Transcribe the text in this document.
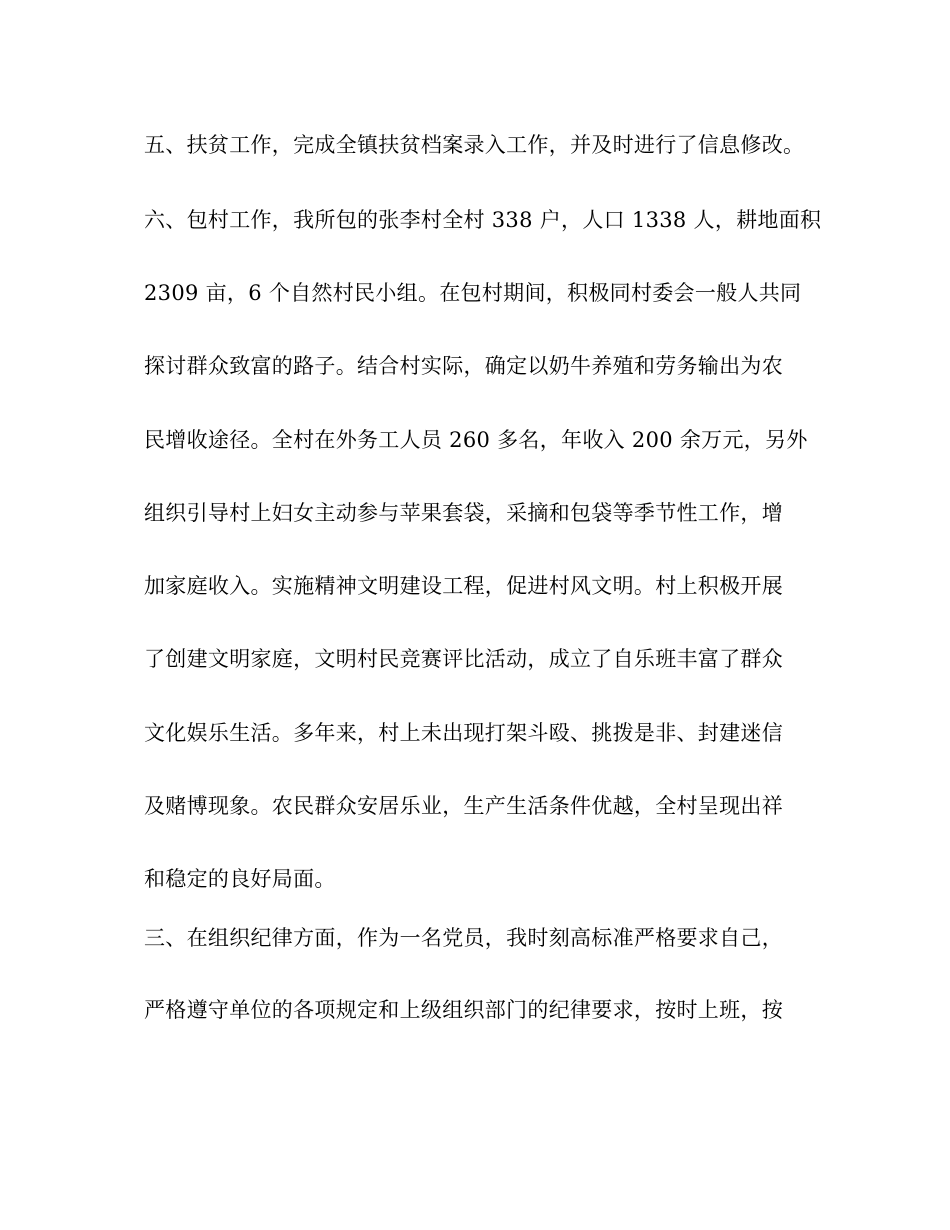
五、扶贫工作，完成全镇扶贫档案录入工作，并及时进行了信息修改。
六、包村工作，我所包的张李村全村 338 户，人口 1338 人，耕地面积
2309 亩，6 个自然村民小组。在包村期间，积极同村委会一般人共同
探讨群众致富的路子。结合村实际，确定以奶牛养殖和劳务输出为农
民增收途径。全村在外务工人员 260 多名，年收入 200 余万元，另外
组织引导村上妇女主动参与苹果套袋，采摘和包袋等季节性工作，增
加家庭收入。实施精神文明建设工程，促进村风文明。村上积极开展
了创建文明家庭，文明村民竞赛评比活动，成立了自乐班丰富了群众
文化娱乐生活。多年来，村上未出现打架斗殴、挑拨是非、封建迷信
及赌博现象。农民群众安居乐业，生产生活条件优越，全村呈现出祥
和稳定的良好局面。
三、在组织纪律方面，作为一名党员，我时刻高标准严格要求自己，
严格遵守单位的各项规定和上级组织部门的纪律要求，按时上班，按
